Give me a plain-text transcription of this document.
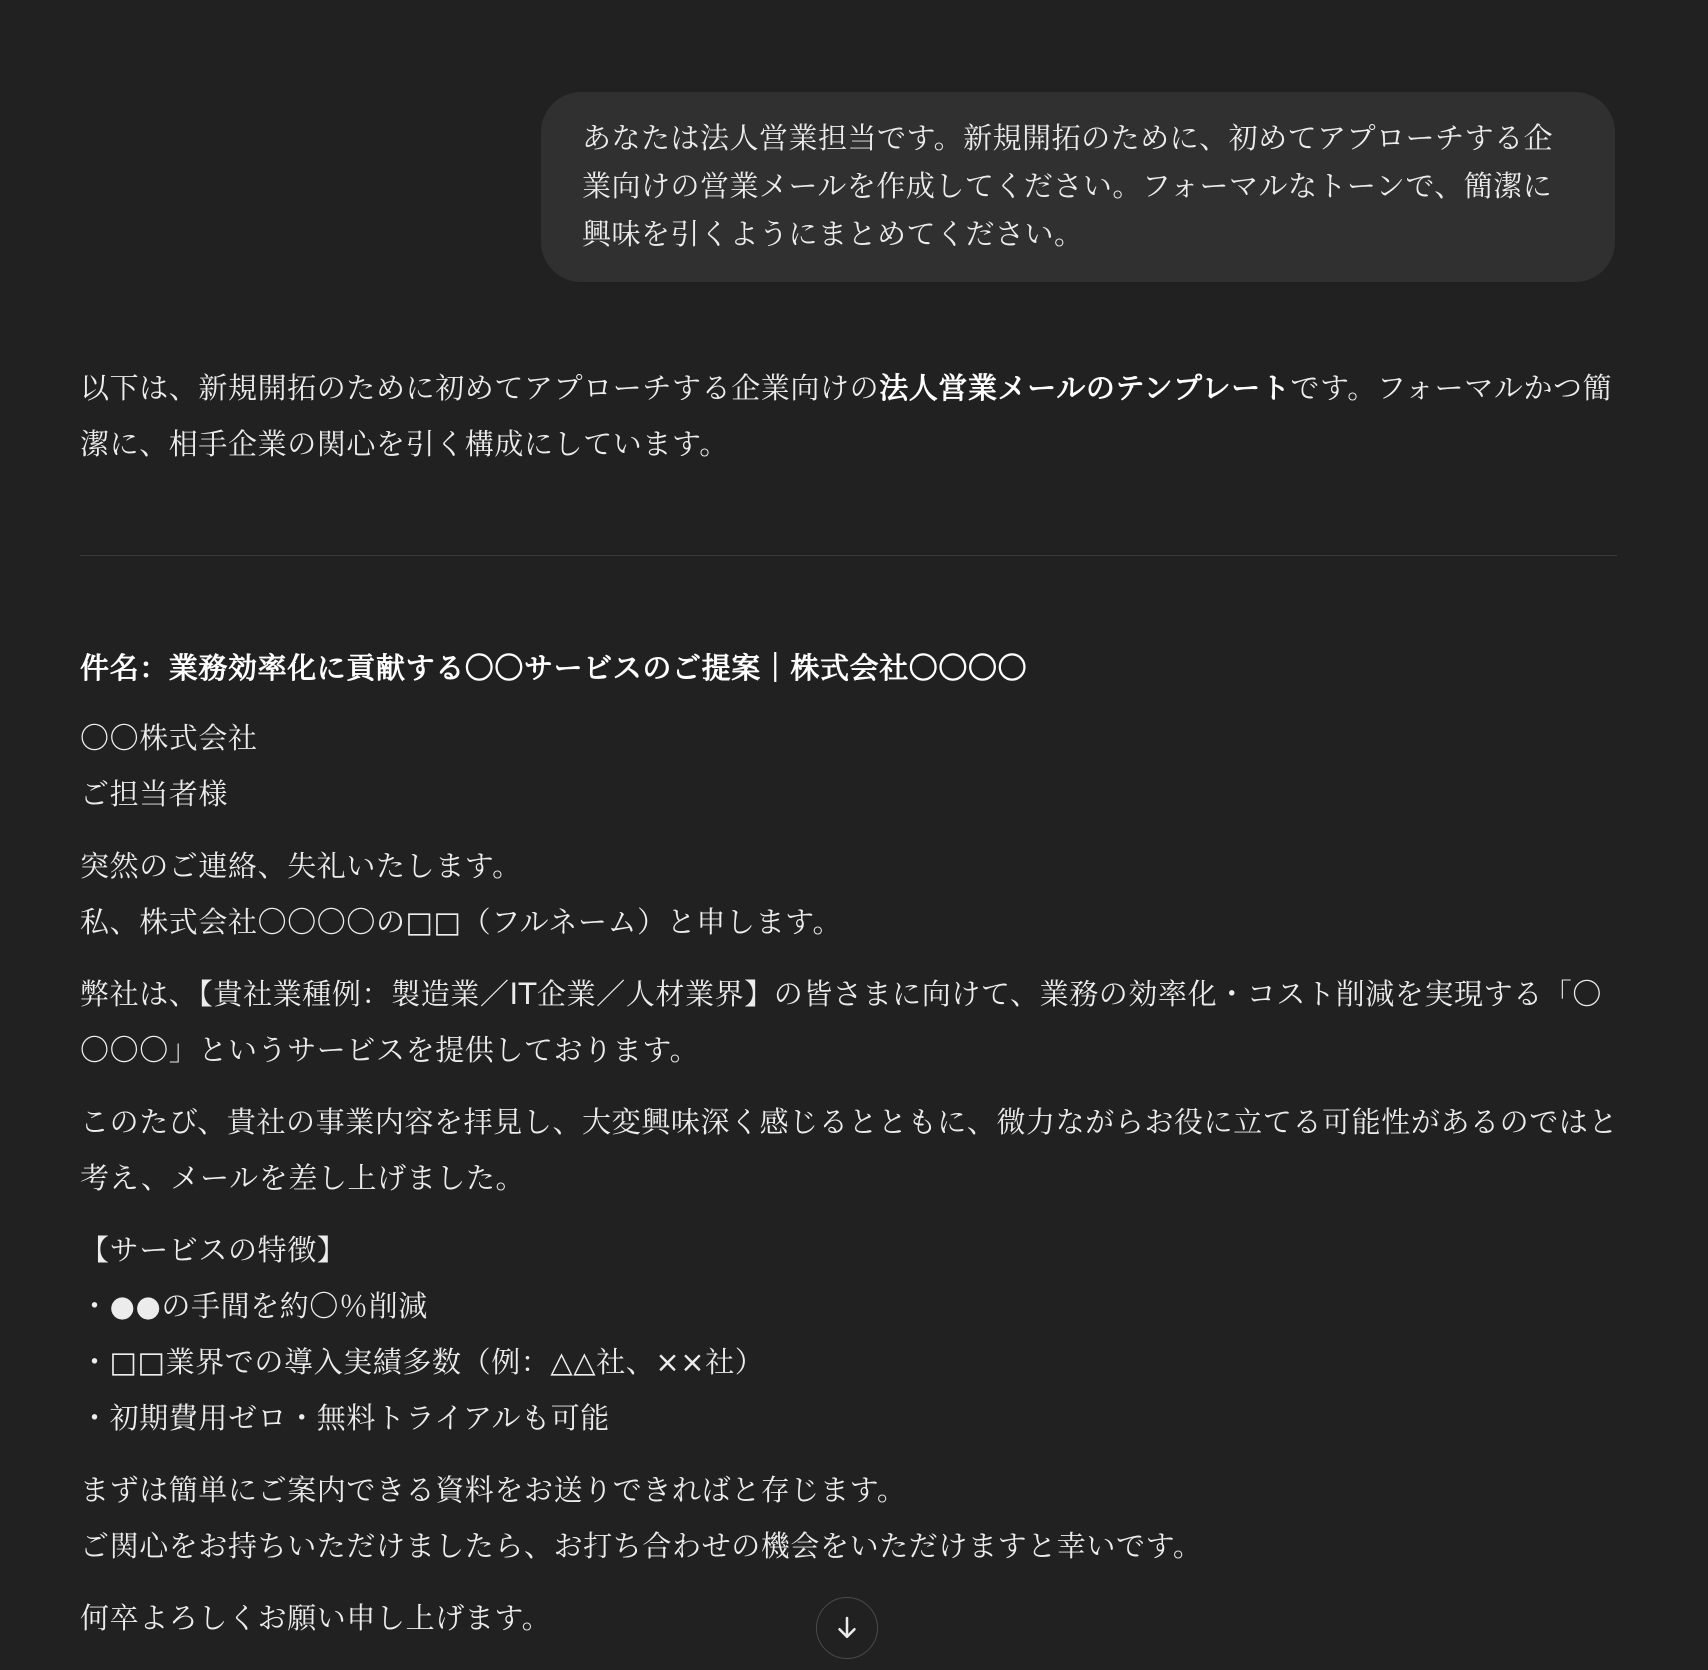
あなたは法人営業担当です。新規開拓のために、初めてアプローチする企業向けの営業メールを作成してください。フォーマルなトーンで、簡潔に興味を引くようにまとめてください。

以下は、新規開拓のために初めてアプローチする企業向けの法人営業メールのテンプレートです。フォーマルかつ簡潔に、相手企業の関心を引く構成にしています。

件名：業務効率化に貢献する〇〇サービスのご提案｜株式会社〇〇〇〇

〇〇株式会社
ご担当者様

突然のご連絡、失礼いたします。
私、株式会社〇〇〇〇の□□（フルネーム）と申します。

弊社は、【貴社業種例：製造業／IT企業／人材業界】の皆さまに向けて、業務の効率化・コスト削減を実現する「〇〇〇〇」というサービスを提供しております。

このたび、貴社の事業内容を拝見し、大変興味深く感じるとともに、微力ながらお役に立てる可能性があるのではと考え、メールを差し上げました。

【サービスの特徴】
・●●の手間を約〇％削減
・□□業界での導入実績多数（例：△△社、××社）
・初期費用ゼロ・無料トライアルも可能

まずは簡単にご案内できる資料をお送りできればと存じます。
ご関心をお持ちいただけましたら、お打ち合わせの機会をいただけますと幸いです。

何卒よろしくお願い申し上げます。
